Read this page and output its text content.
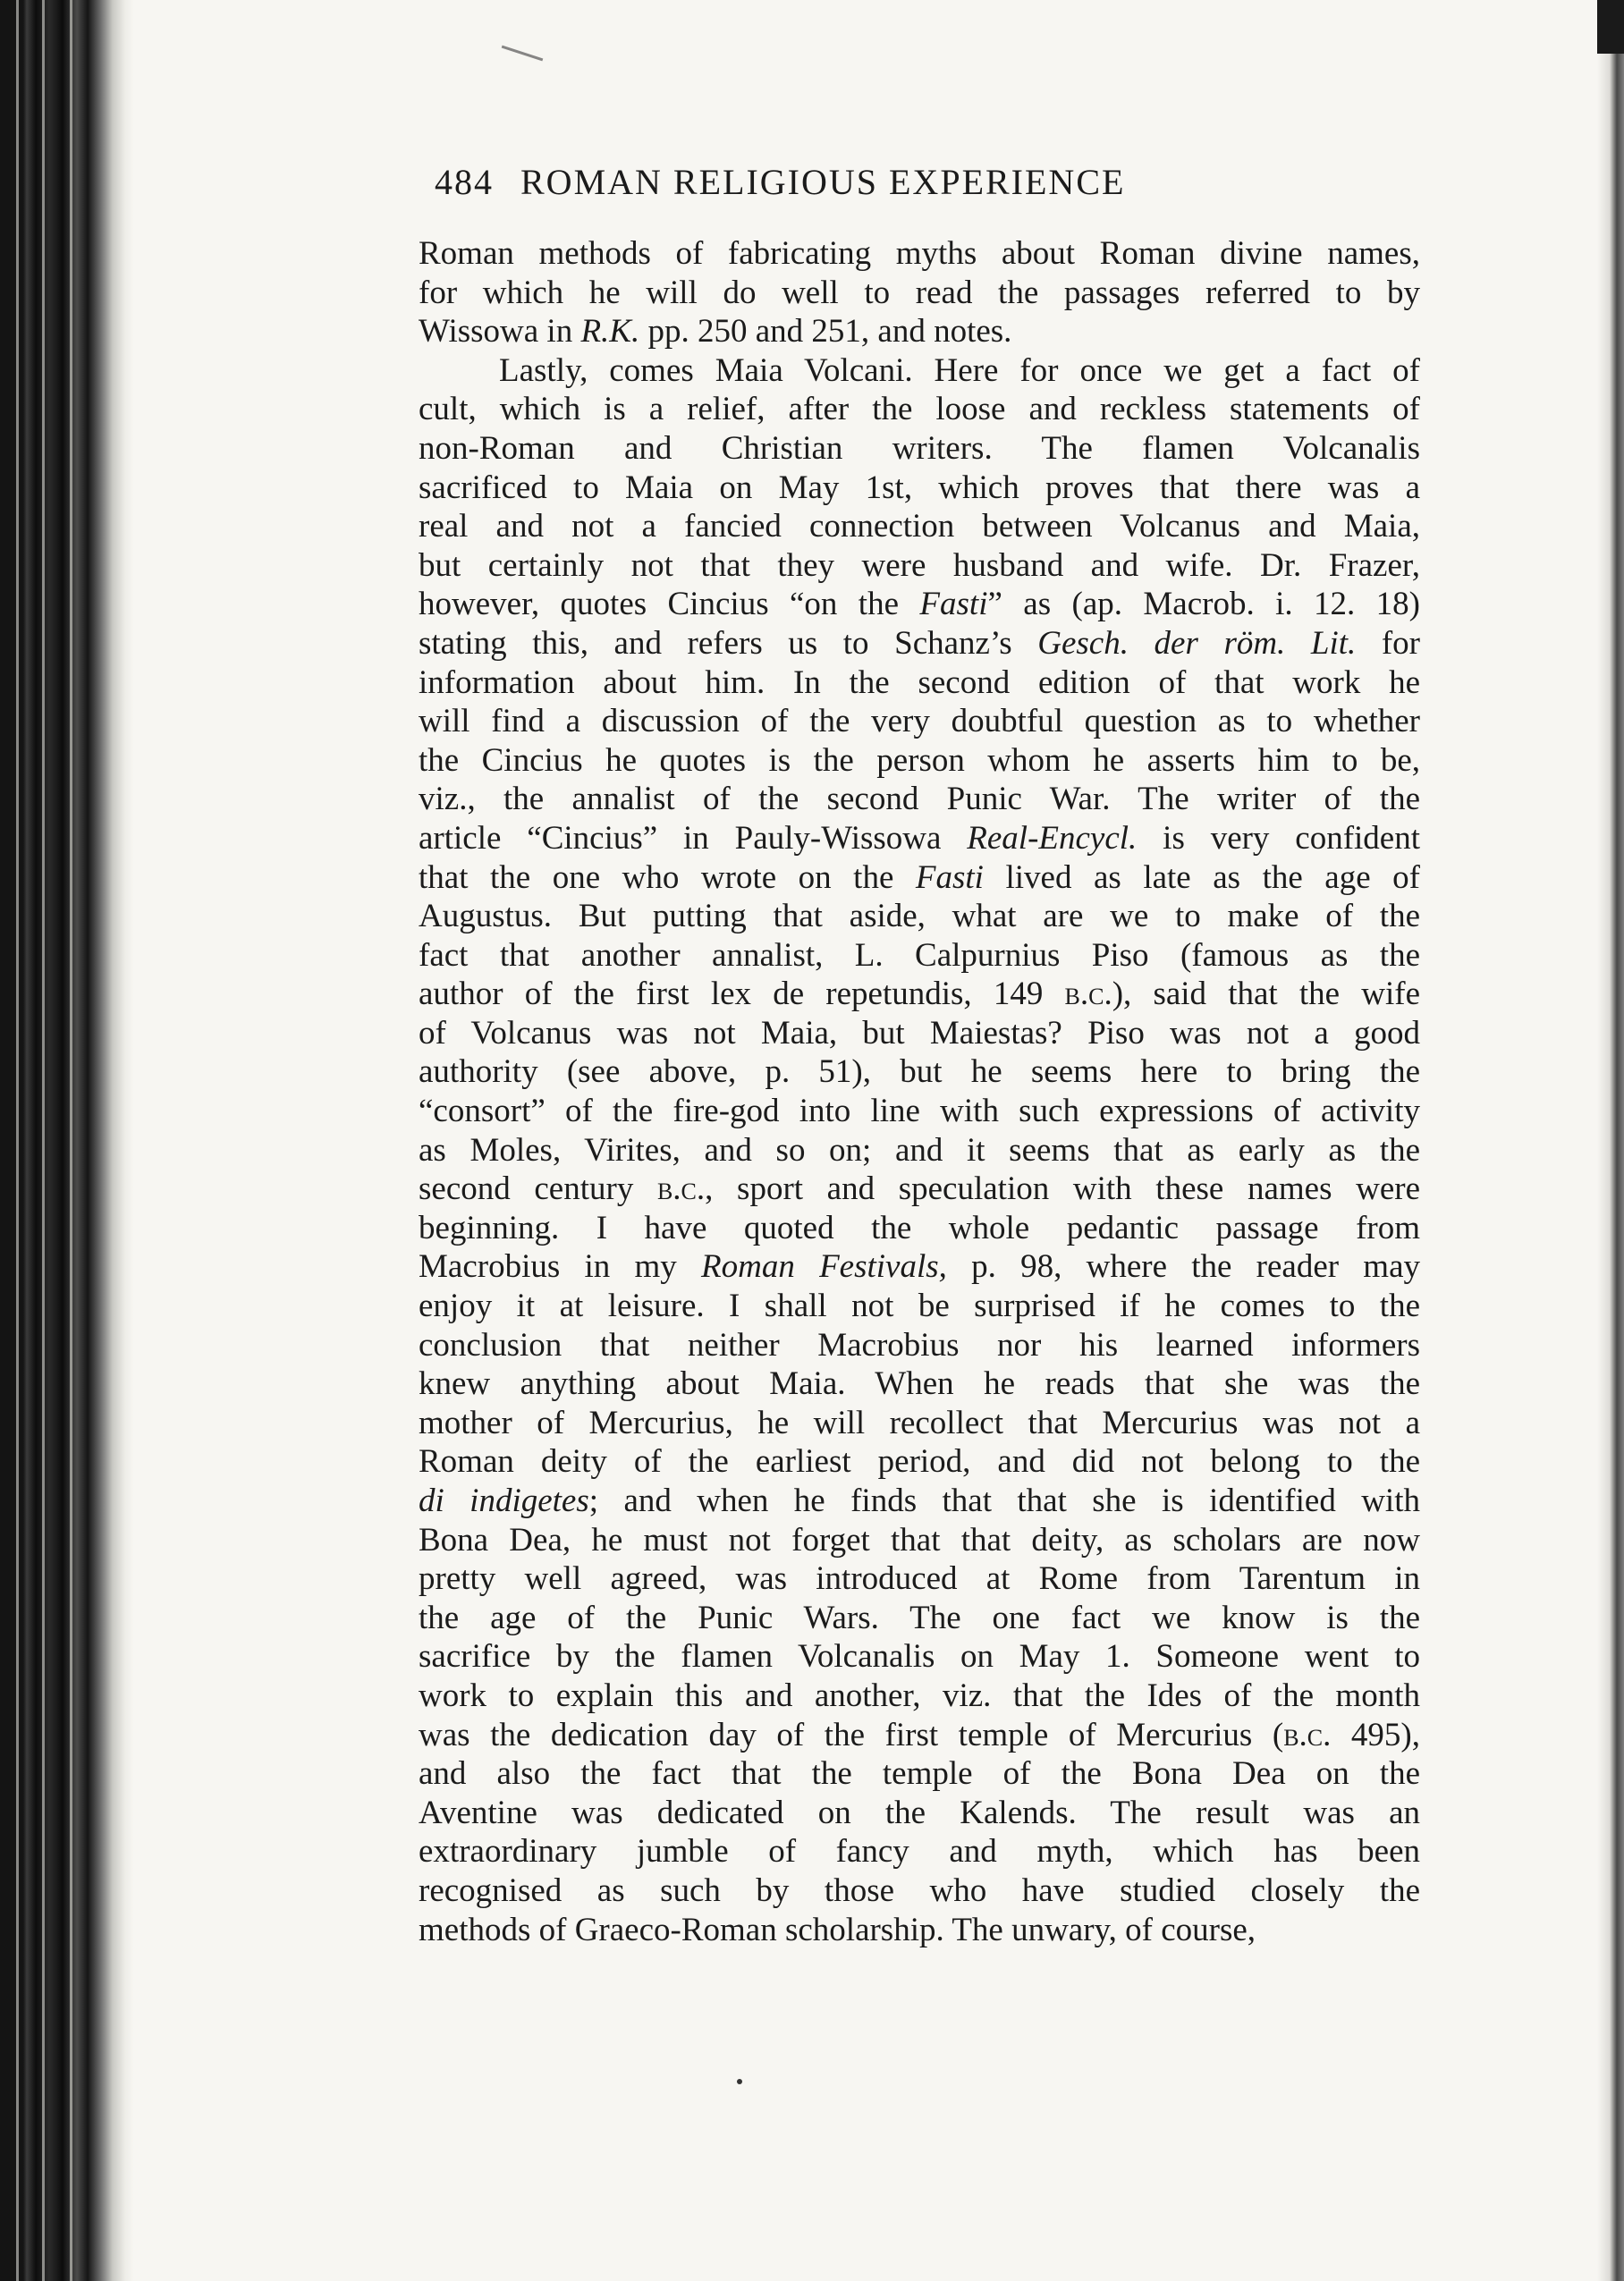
484 ROMAN RELIGIOUS EXPERIENCE
Roman methods of fabricating myths about Roman divine names,
for which he will do well to read the passages referred to by
Wissowa in R.K. pp. 250 and 251, and notes.
Lastly, comes Maia Volcani. Here for once we get a fact of
cult, which is a relief, after the loose and reckless statements of
non-Roman and Christian writers. The flamen Volcanalis
sacrificed to Maia on May 1st, which proves that there was a
real and not a fancied connection between Volcanus and Maia,
but certainly not that they were husband and wife. Dr. Frazer,
however, quotes Cincius “on the Fasti” as (ap. Macrob. i. 12. 18)
stating this, and refers us to Schanz’s Gesch. der röm. Lit. for
information about him. In the second edition of that work he
will find a discussion of the very doubtful question as to whether
the Cincius he quotes is the person whom he asserts him to be,
viz., the annalist of the second Punic War. The writer of the
article “Cincius” in Pauly-Wissowa Real-Encycl. is very confident
that the one who wrote on the Fasti lived as late as the age of
Augustus. But putting that aside, what are we to make of the
fact that another annalist, L. Calpurnius Piso (famous as the
author of the first lex de repetundis, 149 b.c.), said that the wife
of Volcanus was not Maia, but Maiestas? Piso was not a good
authority (see above, p. 51), but he seems here to bring the
“consort” of the fire-god into line with such expressions of activity
as Moles, Virites, and so on; and it seems that as early as the
second century b.c., sport and speculation with these names were
beginning. I have quoted the whole pedantic passage from
Macrobius in my Roman Festivals, p. 98, where the reader may
enjoy it at leisure. I shall not be surprised if he comes to the
conclusion that neither Macrobius nor his learned informers
knew anything about Maia. When he reads that she was the
mother of Mercurius, he will recollect that Mercurius was not a
Roman deity of the earliest period, and did not belong to the
di indigetes; and when he finds that that she is identified with
Bona Dea, he must not forget that that deity, as scholars are now
pretty well agreed, was introduced at Rome from Tarentum in
the age of the Punic Wars. The one fact we know is the
sacrifice by the flamen Volcanalis on May 1. Someone went to
work to explain this and another, viz. that the Ides of the month
was the dedication day of the first temple of Mercurius (b.c. 495),
and also the fact that the temple of the Bona Dea on the
Aventine was dedicated on the Kalends. The result was an
extraordinary jumble of fancy and myth, which has been
recognised as such by those who have studied closely the
methods of Graeco-Roman scholarship. The unwary, of course,
